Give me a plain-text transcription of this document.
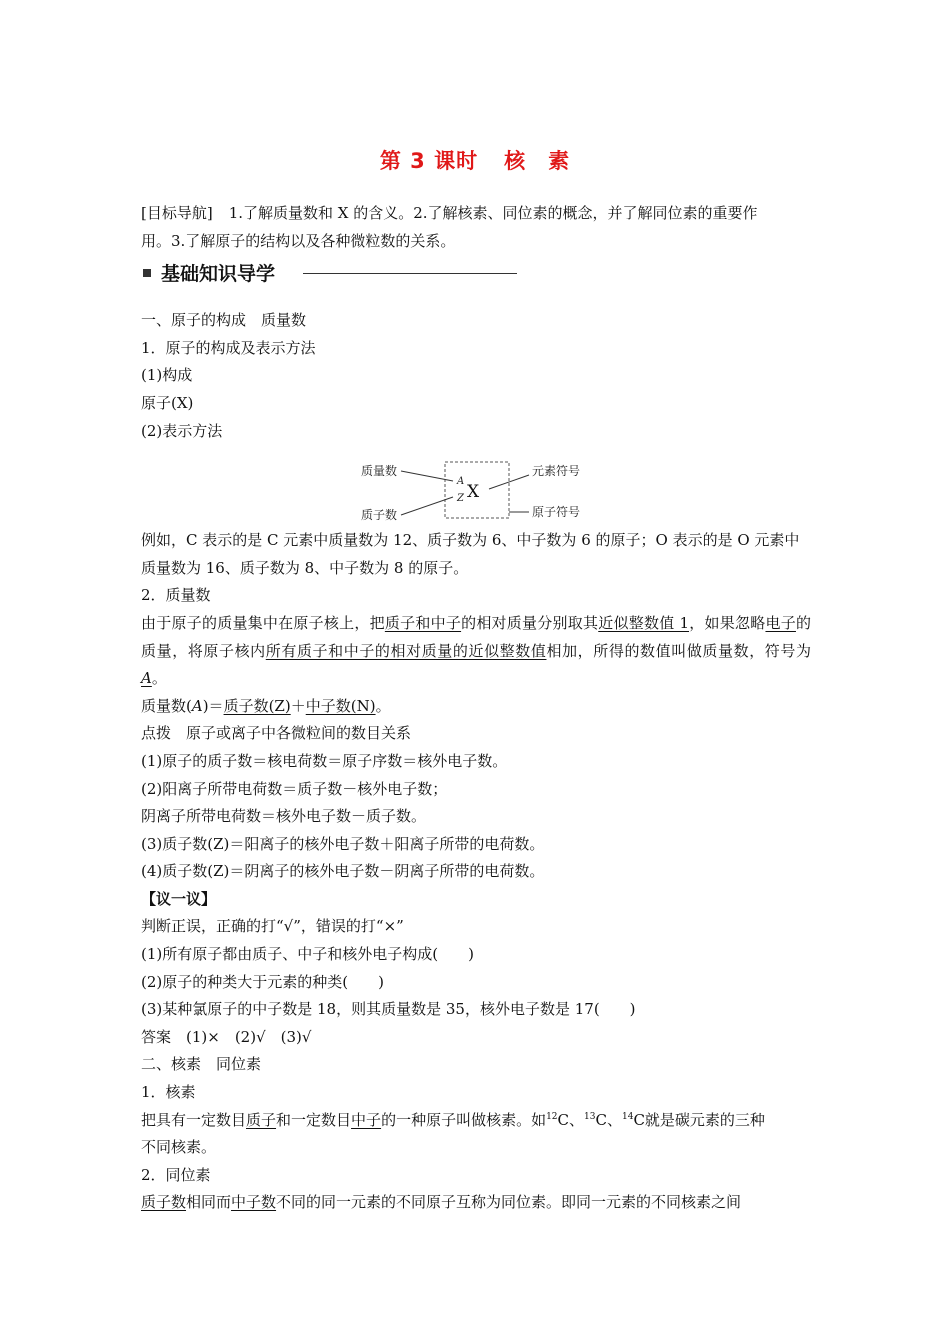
第 3 课时 核　素
[目标导航] 1.了解质量数和 X 的含义。2.了解核素、同位素的概念，并了解同位素的重要作
用。3.了解原子的结构以及各种微粒数的关系。
基础知识导学
一、原子的构成　质量数
1．原子的构成及表示方法
(1)构成
原子(X)
(2)表示方法
质量数
质子数
A
Z X
元素符号
原子符号
例如，C 表示的是 C 元素中质量数为 12、质子数为 6、中子数为 6 的原子；O 表示的是 O 元素中
质量数为 16、质子数为 8、中子数为 8 的原子。
2．质量数
由于原子的质量集中在原子核上，把质子和中子的相对质量分别取其近似整数值 1，如果忽略电子的质量，将原子核内所有质子和中子的相对质量的近似整数值相加，所得的数值叫做质量数，符号为A。
质量数(A)＝质子数(Z)＋中子数(N)。
点拨　原子或离子中各微粒间的数目关系
(1)原子的质子数＝核电荷数＝原子序数＝核外电子数。
(2)阳离子所带电荷数＝质子数－核外电子数；
阴离子所带电荷数＝核外电子数－质子数。
(3)质子数(Z)＝阳离子的核外电子数＋阳离子所带的电荷数。
(4)质子数(Z)＝阴离子的核外电子数－阴离子所带的电荷数。
【议一议】
判断正误，正确的打“√”，错误的打“×”
(1)所有原子都由质子、中子和核外电子构成(　　)
(2)原子的种类大于元素的种类(　　)
(3)某种氯原子的中子数是 18，则其质量数是 35，核外电子数是 17(　　)
答案　(1)×　(2)√　(3)√
二、核素　同位素
1．核素
把具有一定数目质子和一定数目中子的一种原子叫做核素。如$^{12}$C、$^{13}$C、$^{14}$C就是碳元素的三种
不同核素。
2．同位素
质子数相同而中子数不同的同一元素的不同原子互称为同位素。即同一元素的不同核素之间
